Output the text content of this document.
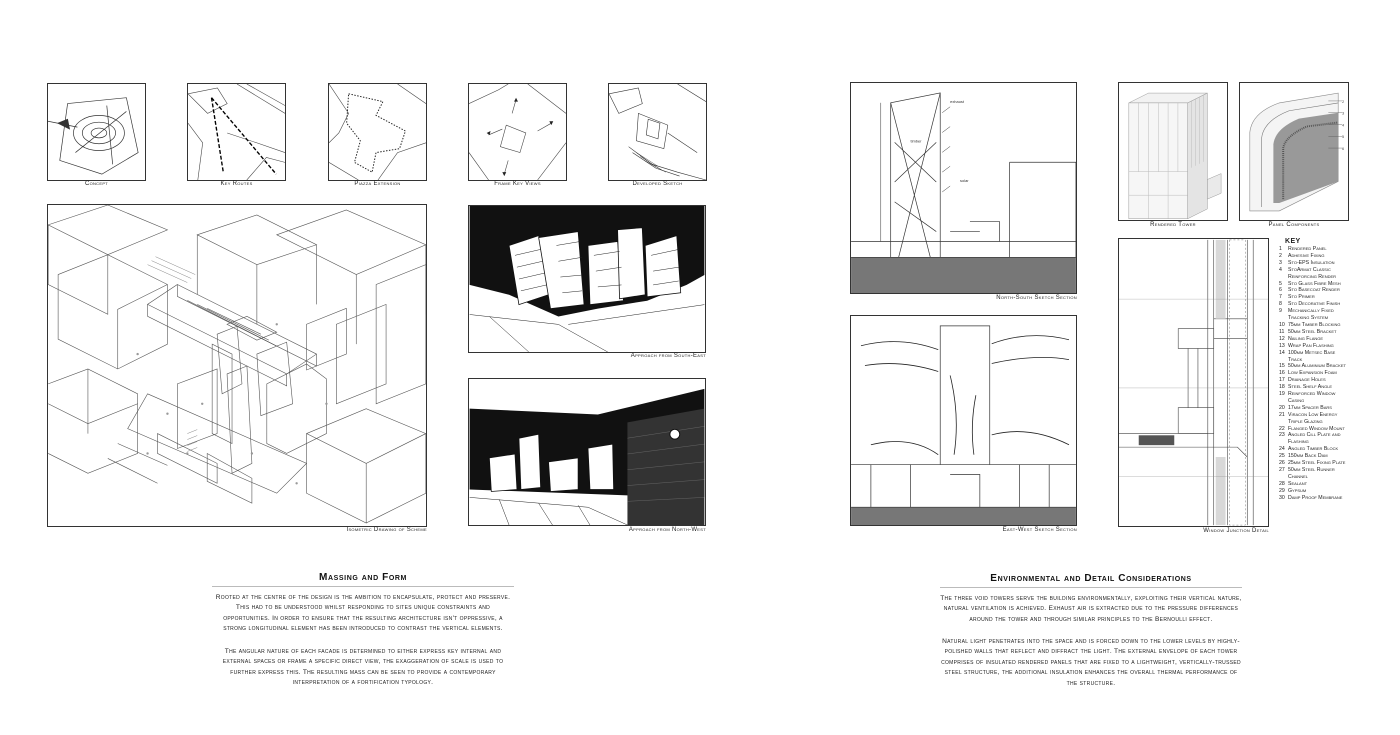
Concept	Key Routes	Piazza Extension	Frame Key Views	Developed Sketch
Isometric Drawing of Scheme
Approach from South-East
Approach from North-West
Massing and Form

Rooted at the centre of the design is the ambition to encapsulate, protect and preserve. This had to be understood whilst responding to sites unique constraints and opportunities. In order to ensure that the resulting architecture isn't oppressive, a strong longitudinal element has been introduced to contrast the vertical elements.

The angular nature of each facade is determined to either express key internal and external spaces or frame a specific direct view, the exaggeration of scale is used to further express this. The resulting mass can be seen to provide a contemporary interpretation of a fortification typology.

exhaust
timber
solar
North-South Sketch Section
East-West Sketch Section
Rendered Tower
2
3
4
5
6
Panel Components
Window Junction Detail
KEY
1	Rendered Panel
2	Adhesive Fixing
3	Sto-EPS Insulation
4	StoArmat Classic Reinforcing Render
5	Sto Glass Fibre Mesh
6	Sto Basecoat Render
7	Sto Primer
8	Sto Decorative Finish
9	Mechanically Fixed Tracking System
10 75mm Timber Blocking
11 50mm Steel Bracket
12 Nailing Flange
13 Wrap Pan Flashing
14 100mm Metsec Base Track
15 50mm Aluminium Bracket
16 Low Expansion Foam
17 Drainage Holes
18 Steel Shelf Angle
19 Reinforced Window Casing
20 17mm Spacer Bars
21 Viracon Low Energy Triple Glazing
22 Flanged Window Mount
23 Angled Cill Plate and Flashing
24 Angled Timber Block
25 150mm Back Dam
26 25mm Steel Fixing Plate
27 50mm Steel Runner Channel
28 Sealant
29 Gypsum
30 Damp Proof Membrane
Environmental and Detail Considerations

The three void towers serve the building environmentally, exploiting their vertical nature, natural ventilation is achieved. Exhaust air is extracted due to the pressure differences around the tower and through similar principles to the Bernoulli effect.

Natural light penetrates into the space and is forced down to the lower levels by highly-polished walls that reflect and diffract the light. The external envelope of each tower comprises of insulated rendered panels that are fixed to a lightweight, vertically-trussed steel structure, the additional insulation enhances the overall thermal performance of the structure.
